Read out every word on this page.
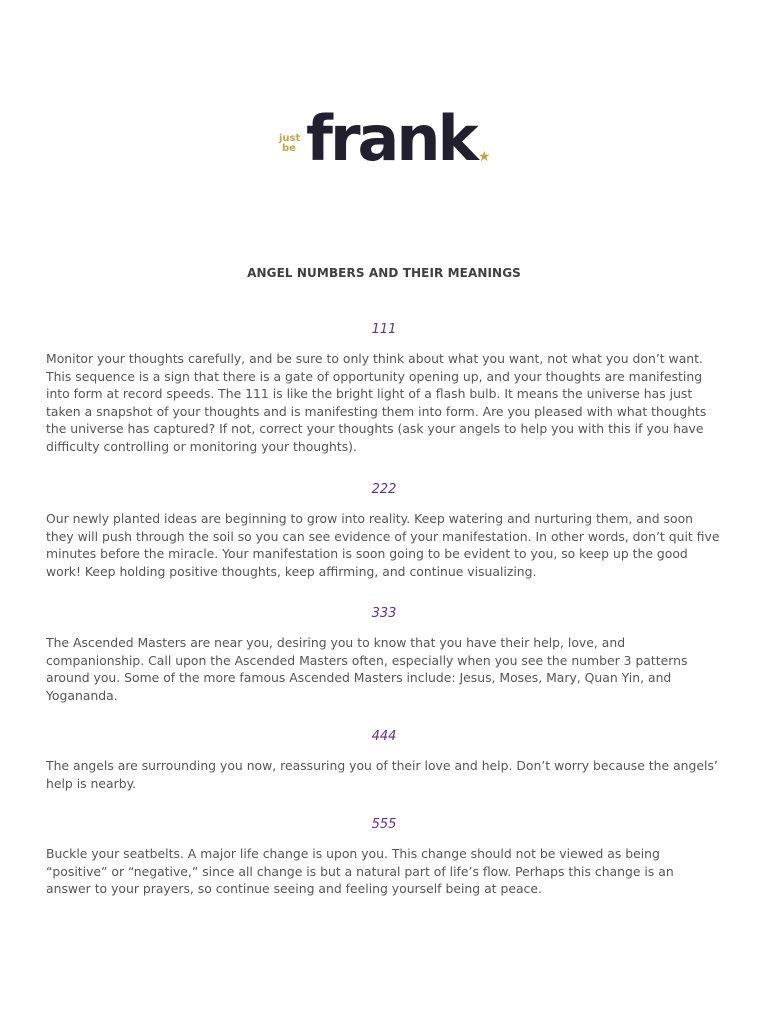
just
be frank ★
ANGEL NUMBERS AND THEIR MEANINGS
111

Monitor your thoughts carefully, and be sure to only think about what you want, not what you don’t want. This sequence is a sign that there is a gate of opportunity opening up, and your thoughts are manifesting into form at record speeds. The 111 is like the bright light of a flash bulb. It means the universe has just taken a snapshot of your thoughts and is manifesting them into form. Are you pleased with what thoughts the universe has captured? If not, correct your thoughts (ask your angels to help you with this if you have difficulty controlling or monitoring your thoughts).

222

Our newly planted ideas are beginning to grow into reality. Keep watering and nurturing them, and soon they will push through the soil so you can see evidence of your manifestation. In other words, don’t quit five minutes before the miracle. Your manifestation is soon going to be evident to you, so keep up the good work! Keep holding positive thoughts, keep affirming, and continue visualizing.

333

The Ascended Masters are near you, desiring you to know that you have their help, love, and companionship. Call upon the Ascended Masters often, especially when you see the number 3 patterns around you. Some of the more famous Ascended Masters include: Jesus, Moses, Mary, Quan Yin, and Yogananda.

444

The angels are surrounding you now, reassuring you of their love and help. Don’t worry because the angels’ help is nearby.

555

Buckle your seatbelts. A major life change is upon you. This change should not be viewed as being “positive” or “negative,” since all change is but a natural part of life’s flow. Perhaps this change is an answer to your prayers, so continue seeing and feeling yourself being at peace.
